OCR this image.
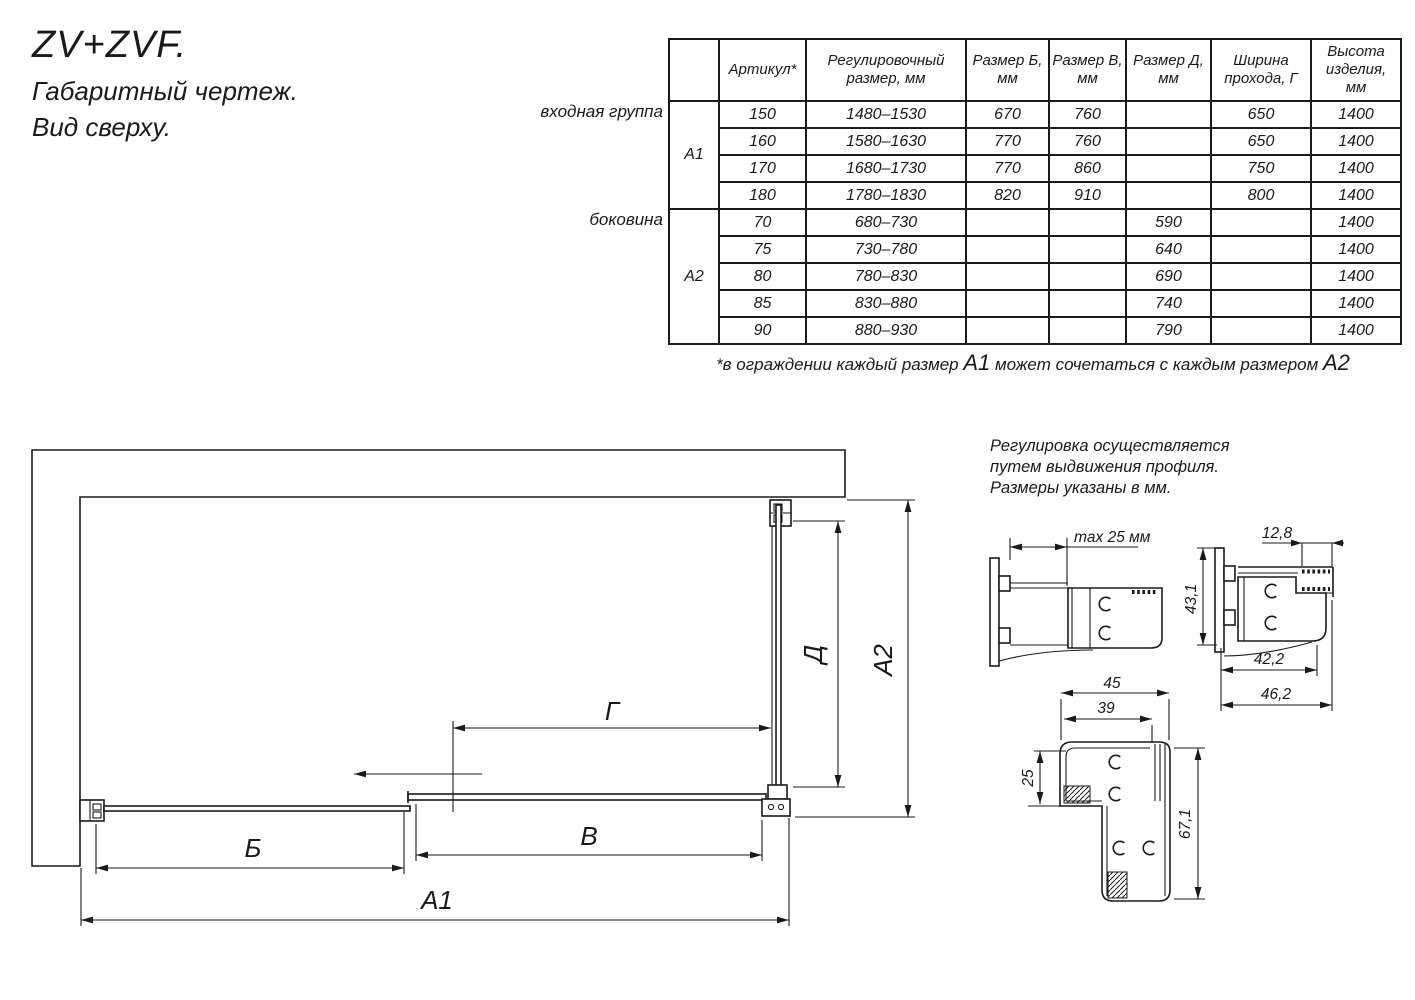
ZV+ZVF.
Габаритный чертеж.
Вид сверху.
входная группа
боковина
	Артикул*	Регулировочный размер, мм	Размер Б, мм	Размер В, мм	Размер Д, мм	Ширина прохода, Г	Высота изделия, мм
А1	150	1480–1530	670	760		650	1400
	160	1580–1630	770	760		650	1400
	170	1680–1730	770	860		750	1400
	180	1780–1830	820	910		800	1400
А2	70	680–730			590		1400
	75	730–780			640		1400
	80	780–830			690		1400
	85	830–880			740		1400
	90	880–930			790		1400
*в ограждении каждый размер А1 может сочетаться с каждым размером А2
Регулировка осуществляется
путем выдвижения профиля.
Размеры указаны в мм.
Б	В
А1
Г
Д А2
max 25 мм	12,8
43,1
42,2
46,2
45
39
25
67,1
